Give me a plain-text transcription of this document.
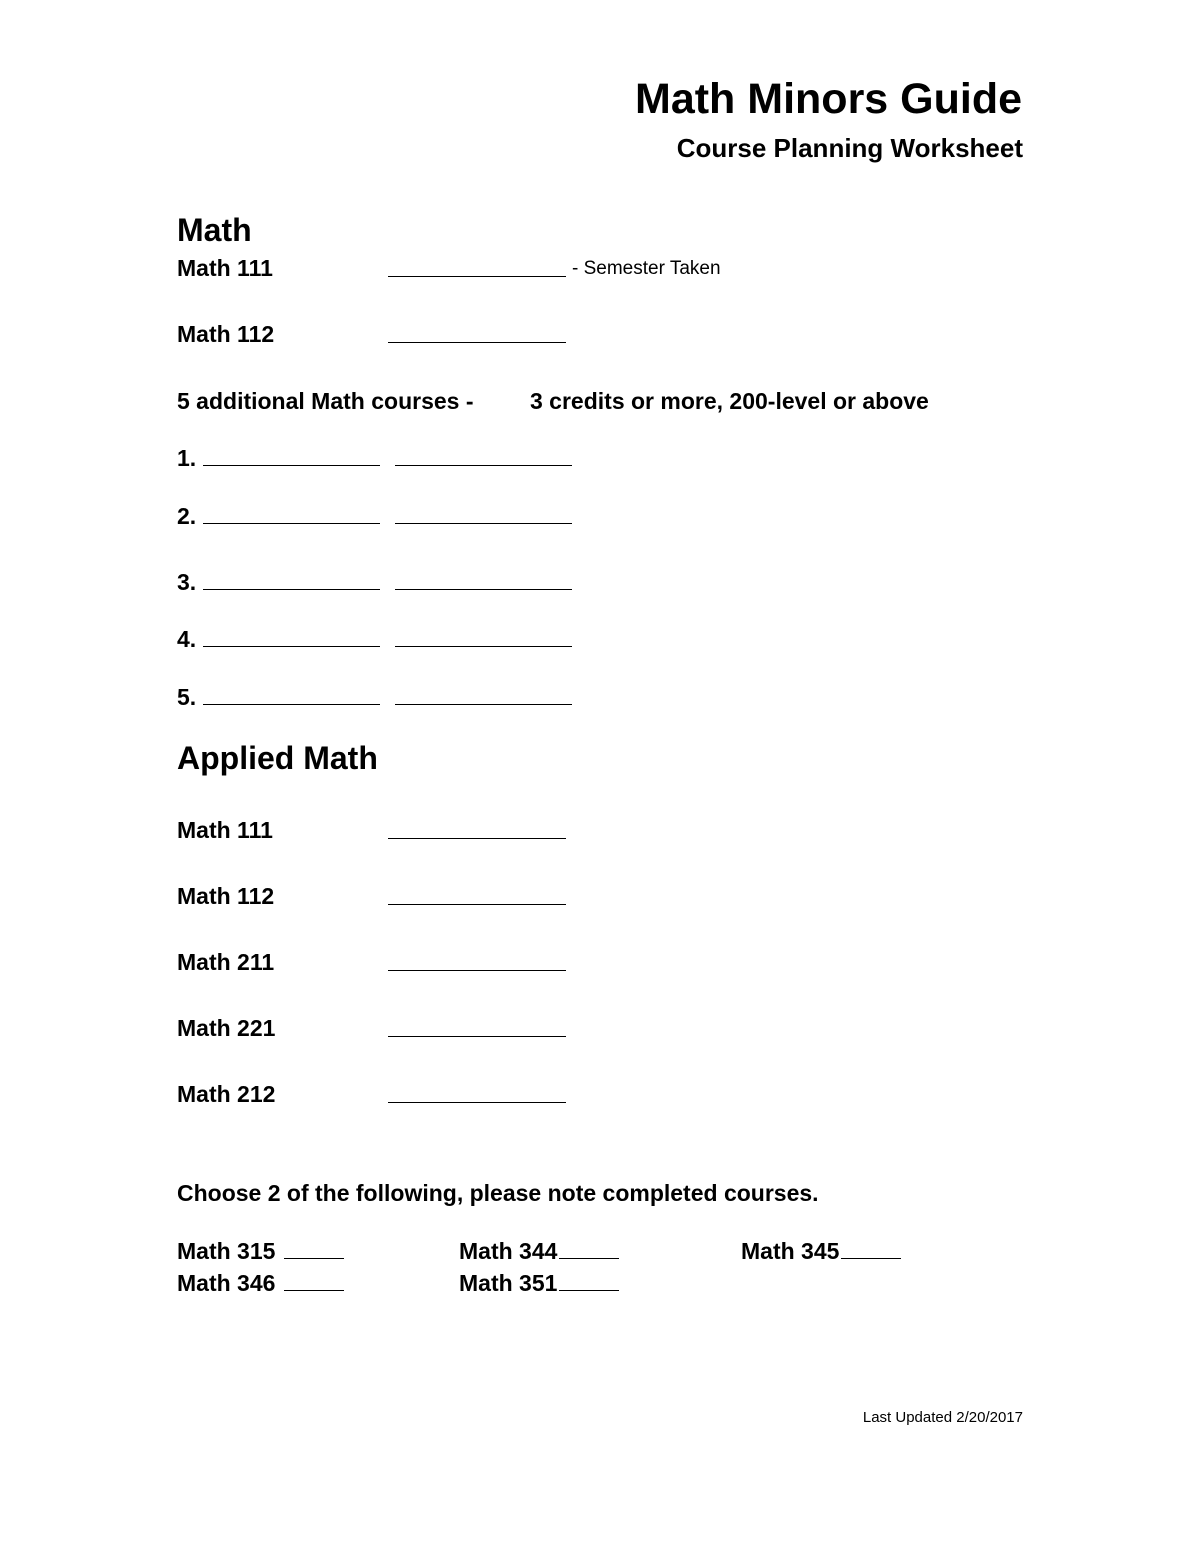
Math Minors Guide
Course Planning Worksheet
Math
Math 111	- Semester Taken
Math 112
5 additional Math courses - 3 credits or more, 200-level or above
1.
2.
3.
4.
5.
Applied Math
Math 111
Math 112
Math 211
Math 221
Math 212
Choose 2 of the following, please note completed courses.
Math 315	Math 344	Math 345
Math 346	Math 351
Last Updated 2/20/2017
